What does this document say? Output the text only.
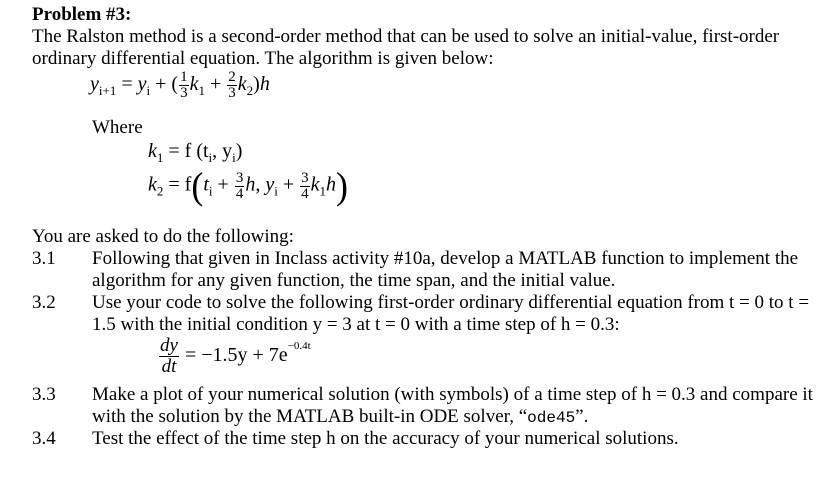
Problem #3:
The Ralston method is a second-order method that can be used to solve an initial-value, first-order
ordinary differential equation. The algorithm is given below:
$y_{i+1} = y_i$ + ( $\frac{1}{3} k_1 + \frac{2}{3} k_2)h$
Where
$k_1 = f$ ($t_i$, $y_i$)
$k_2 = f(t_i + \frac{3}{4} h$, $y_i + \frac{3}{4} k_1h$)
You are asked to do the following:
3.1 Following that given in Inclass activity #10a, develop a MATLAB function to implement the
algorithm for any given function, the time span, and the initial value.
3.2 Use your code to solve the following first-order ordinary differential equation from t = 0 to t =
1.5 with the initial condition y = 3 at t = 0 with a time step of h = 0.3:
$\frac{dy}{dt} = -1.5y + 7e^{-0.4t}$
3.3 Make a plot of your numerical solution (with symbols) of a time step of h = 0.3 and compare it
with the solution by the MATLAB built-in ODE solver, “ode45”.
3.4 Test the effect of the time step h on the accuracy of your numerical solutions.
